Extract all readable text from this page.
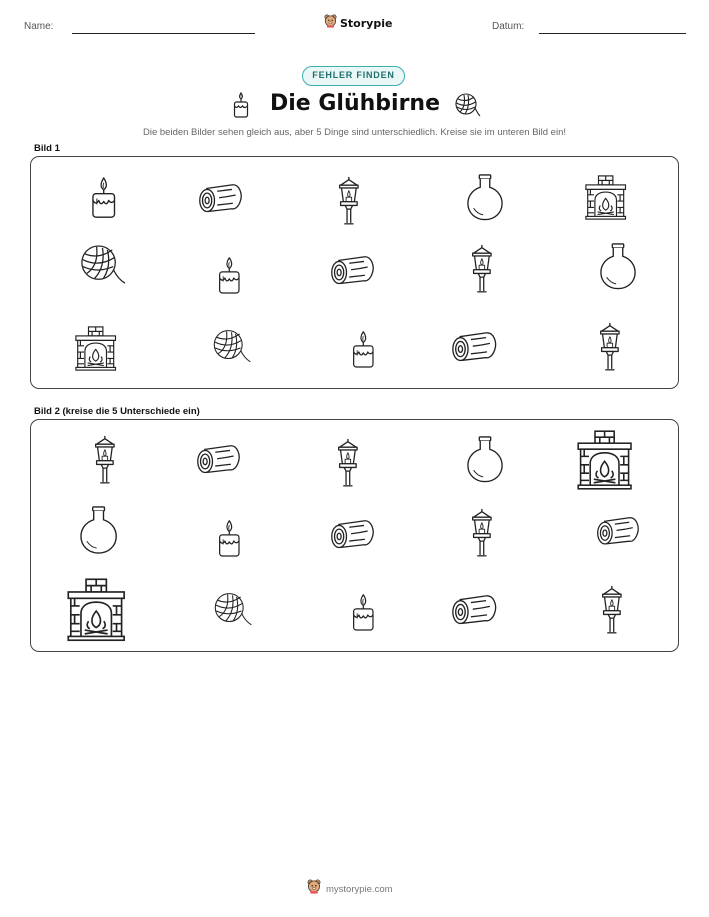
Name:	Datum:
Storypie
FEHLER FINDEN
Die Glühbirne
Die beiden Bilder sehen gleich aus, aber 5 Dinge sind unterschiedlich. Kreise sie im unteren Bild ein!
Bild 1
Bild 2 (kreise die 5 Unterschiede ein)
mystorypie.com
